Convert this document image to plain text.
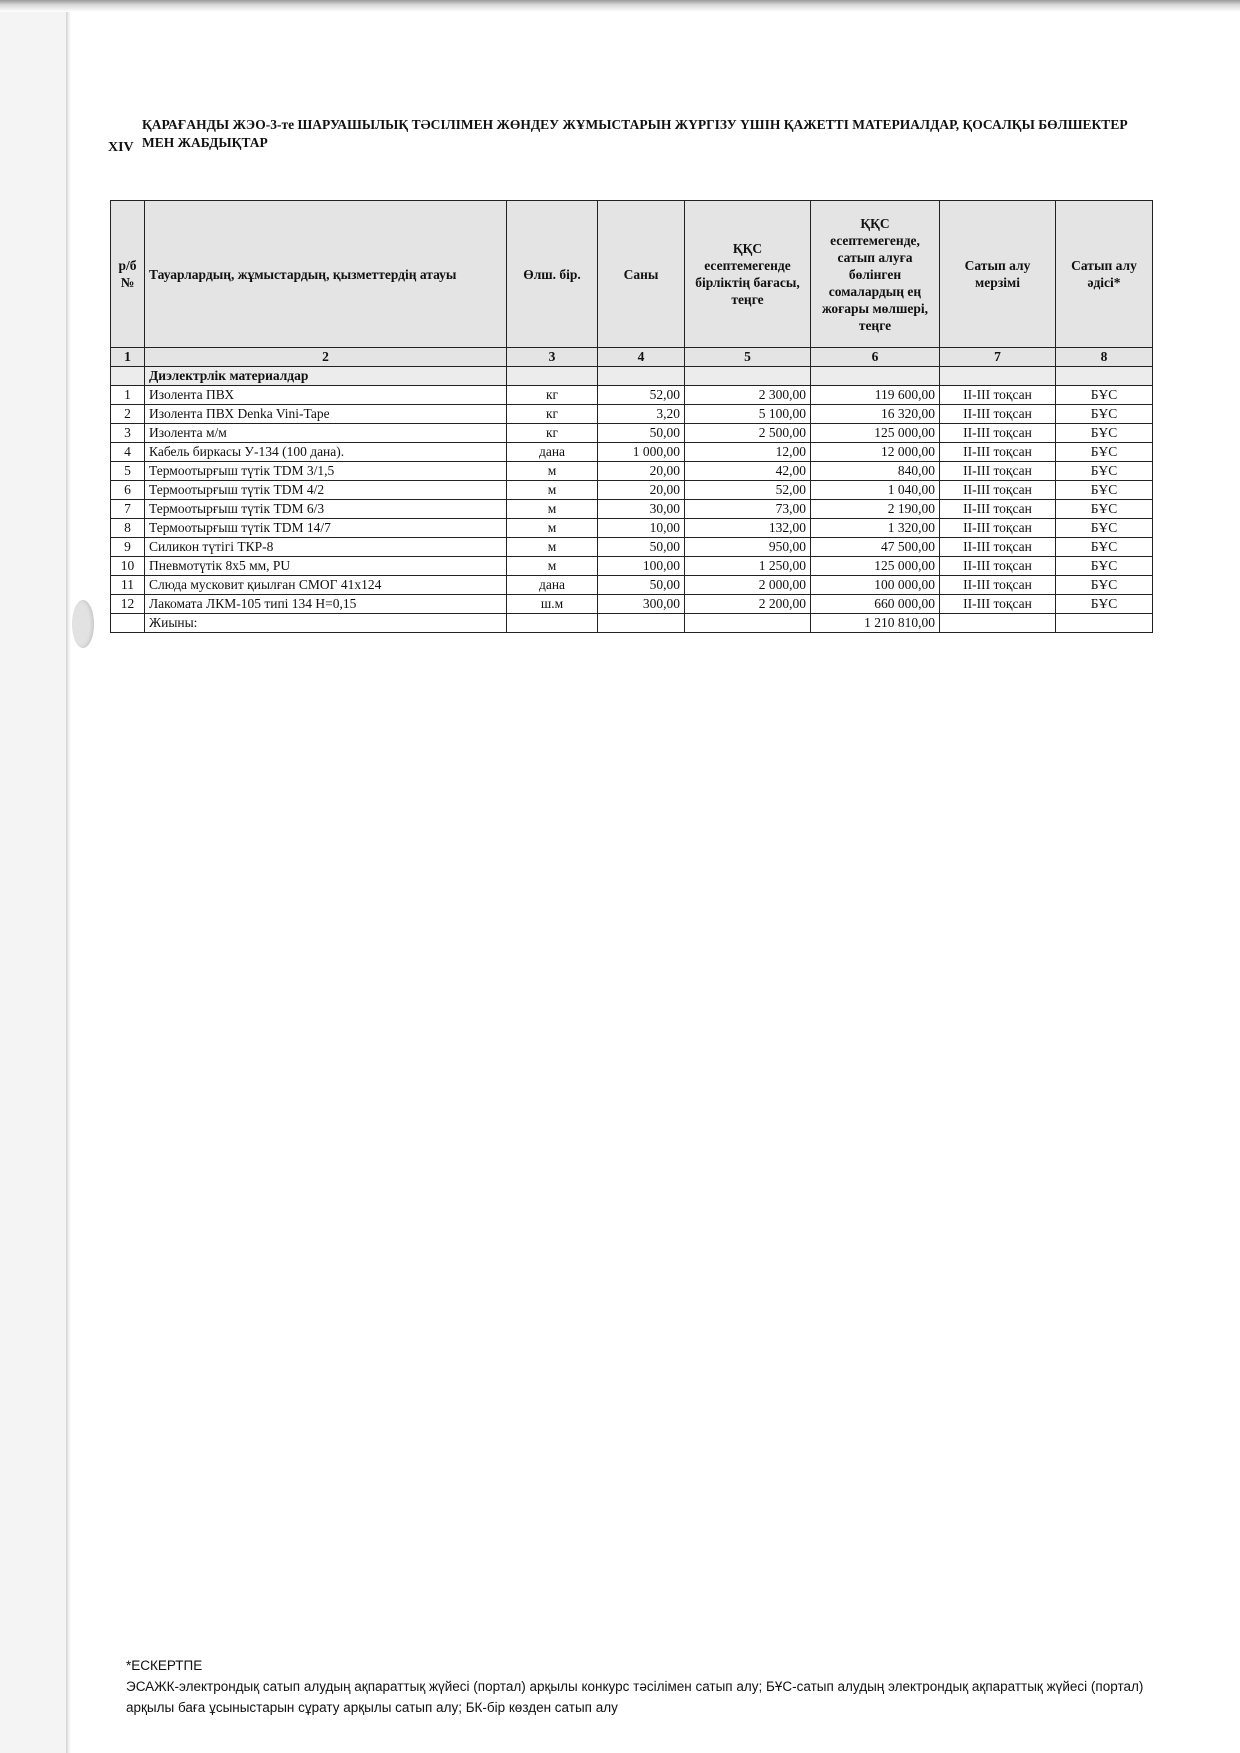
XIV
ҚАРАҒАНДЫ ЖЭО-3-те ШАРУАШЫЛЫҚ ТӘСІЛІМЕН ЖӨНДЕУ ЖҰМЫСТАРЫН ЖҮРГІЗУ ҮШІН ҚАЖЕТТІ МАТЕРИАЛДАР, ҚОСАЛҚЫ БӨЛШЕКТЕР МЕН ЖАБДЫҚТАР
р/б №	Тауарлардың, жұмыстардың, қызметтердің атауы	Өлш. бір.	Саны	ҚҚС есептемегенде бірліктің бағасы, теңге	ҚҚС есептемегенде, сатып алуға бөлінген сомалардың ең жоғары мөлшері, теңге	Сатып алу мерзімі	Сатып алу әдісі*
1	2	3	4	5	6	7	8
	Диэлектрлік материалдар						
1	Изолента ПВХ	кг	52,00	2 300,00	119 600,00	II-III тоқсан	БҰС
2	Изолента ПВХ Denka Vini-Tape	кг	3,20	5 100,00	16 320,00	II-III тоқсан	БҰС
3	Изолента м/м	кг	50,00	2 500,00	125 000,00	II-III тоқсан	БҰС
4	Кабель биркасы У-134 (100 дана).	дана	1 000,00	12,00	12 000,00	II-III тоқсан	БҰС
5	Термоотырғыш түтік TDM 3/1,5	м	20,00	42,00	840,00	II-III тоқсан	БҰС
6	Термоотырғыш түтік TDM 4/2	м	20,00	52,00	1 040,00	II-III тоқсан	БҰС
7	Термоотырғыш түтік TDM 6/3	м	30,00	73,00	2 190,00	II-III тоқсан	БҰС
8	Термоотырғыш түтік TDM 14/7	м	10,00	132,00	1 320,00	II-III тоқсан	БҰС
9	Силикон түтігі ТКР-8	м	50,00	950,00	47 500,00	II-III тоқсан	БҰС
10	Пневмотүтік 8х5 мм, PU	м	100,00	1 250,00	125 000,00	II-III тоқсан	БҰС
11	Слюда мусковит қиылған СМОГ 41х124	дана	50,00	2 000,00	100 000,00	II-III тоқсан	БҰС
12	Лакомата ЛКМ-105 типі 134 Н=0,15	ш.м	300,00	2 200,00	660 000,00	II-III тоқсан	БҰС
	Жиыны:				1 210 810,00		
*ЕСКЕРТПЕ
ЭСАЖК-электрондық сатып алудың ақпараттық жүйесі (портал) арқылы конкурс тәсілімен сатып алу; БҰС-сатып алудың электрондық ақпараттық жүйесі (портал) арқылы баға ұсыныстарын сұрату арқылы сатып алу; БК-бір көзден сатып алу
